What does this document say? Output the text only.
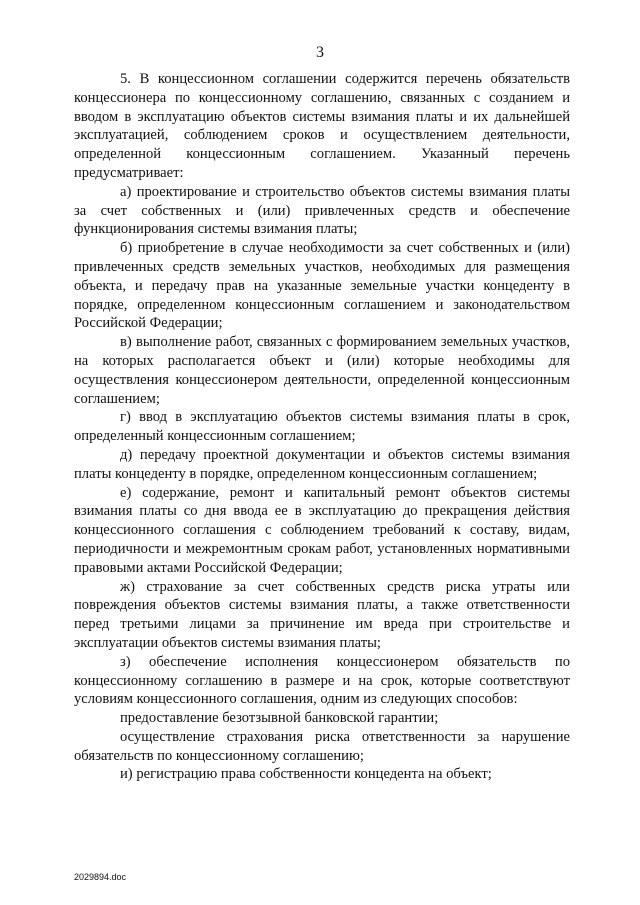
3

5. В концессионном соглашении содержится перечень обязательств концессионера по концессионному соглашению, связанных с созданием и вводом в эксплуатацию объектов системы взимания платы и их дальнейшей эксплуатацией, соблюдением сроков и осуществлением деятельности, определенной концессионным соглашением. Указанный перечень предусматривает:

а) проектирование и строительство объектов системы взимания платы за счет собственных и (или) привлеченных средств и обеспечение функционирования системы взимания платы;

б) приобретение в случае необходимости за счет собственных и (или) привлеченных средств земельных участков, необходимых для размещения объекта, и передачу прав на указанные земельные участки концеденту в порядке, определенном концессионным соглашением и законодательством Российской Федерации;

в) выполнение работ, связанных с формированием земельных участков, на которых располагается объект и (или) которые необходимы для осуществления концессионером деятельности, определенной концессионным соглашением;

г) ввод в эксплуатацию объектов системы взимания платы в срок, определенный концессионным соглашением;

д) передачу проектной документации и объектов системы взимания платы концеденту в порядке, определенном концессионным соглашением;

е) содержание, ремонт и капитальный ремонт объектов системы взимания платы со дня ввода ее в эксплуатацию до прекращения действия концессионного соглашения с соблюдением требований к составу, видам, периодичности и межремонтным срокам работ, установленных нормативными правовыми актами Российской Федерации;

ж) страхование за счет собственных средств риска утраты или повреждения объектов системы взимания платы, а также ответственности перед третьими лицами за причинение им вреда при строительстве и эксплуатации объектов системы взимания платы;

з) обеспечение исполнения концессионером обязательств по концессионному соглашению в размере и на срок, которые соответствуют условиям концессионного соглашения, одним из следующих способов:

предоставление безотзывной банковской гарантии;

осуществление страхования риска ответственности за нарушение обязательств по концессионному соглашению;

и) регистрацию права собственности концедента на объект;

2029894.doc
